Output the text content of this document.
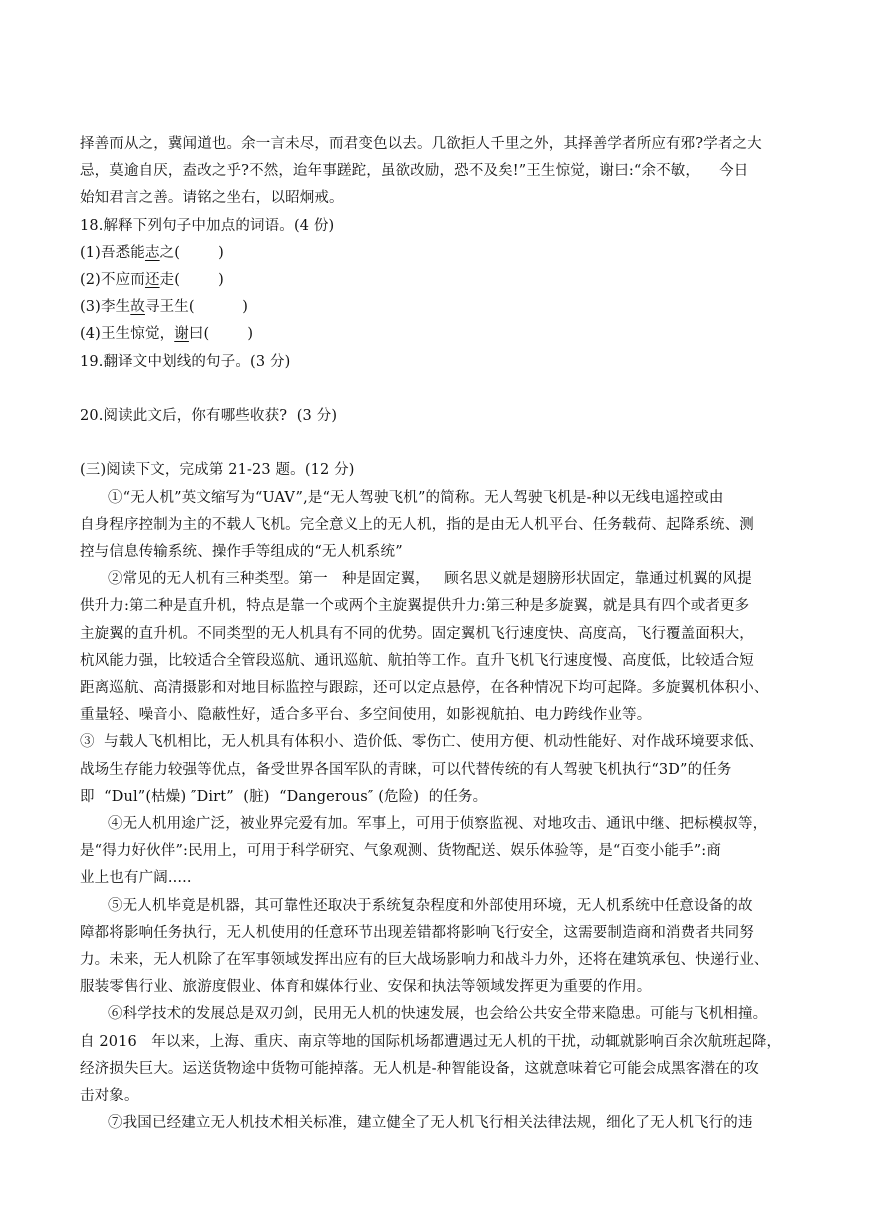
择善而从之，冀闻道也。余一言未尽，而君变色以去。几欲拒人千里之外，其择善学者所应有邪?学者之大
忌，莫逾自厌，盍改之乎?不然，迨年事蹉跎，虽欲改励，恐不及矣!”王生惊觉，谢曰:“余不敏，    今日
始知君言之善。请铭之坐右，以昭炯戒。
18.解释下列句子中加点的词语。(4 份)
(1)吾悉能志之(        )
(2)不应而还走(        )
(3)李生故寻王生(          )
(4)王生惊觉，谢曰(        )
19.翻译文中划线的句子。(3 分)
20.阅读此文后，你有哪些收获?  (3 分)
(三)阅读下文，完成第 21-23 题。(12 分)
①“无人机”英文缩写为“UAV”,是“无人驾驶飞机”的简称。无人驾驶飞机是-种以无线电遥控或由
自身程序控制为主的不载人飞机。完全意义上的无人机，指的是由无人机平台、任务载荷、起降系统、测
控与信息传输系统、操作手等组成的“无人机系统”
②常见的无人机有三种类型。第一   种是固定翼，   顾名思义就是翅膀形状固定，靠通过机翼的风提
供升力:第二种是直升机，特点是靠一个或两个主旋翼提供升力:第三种是多旋翼，就是具有四个或者更多
主旋翼的直升机。不同类型的无人机具有不同的优势。固定翼机飞行速度快、高度高，飞行覆盖面积大，
杭风能力强，比较适合全管段巡航、通讯巡航、航拍等工作。直升飞机飞行速度慢、高度低，比较适合短
距离巡航、高清摄影和对地目标监控与跟踪，还可以定点悬停，在各种情况下均可起降。多旋翼机体积小、
重量轻、噪音小、隐蔽性好，适合多平台、多空间使用，如影视航拍、电力跨线作业等。
③  与载人飞机相比，无人机具有体积小、造价低、零伤亡、使用方便、机动性能好、对作战环境要求低、
战场生存能力较强等优点，备受世界各国军队的青睐，可以代替传统的有人驾驶飞机执行“3D”的任务
即  “Dul”(枯燥) ″Dirt”  (脏)  “Dangerous″ (危险)  的任务。
④无人机用途广泛，被业界完爱有加。军事上，可用于侦察监视、对地攻击、通讯中继、把标模叔等，
是“得力好伙伴”:民用上，可用于科学研究、气象观测、货物配送、娱乐体验等，是“百变小能手”:商
业上也有广阔.....
⑤无人机毕竟是机器，其可靠性还取决于系统复杂程度和外部使用环境，无人机系统中任意设备的故
障都将影响任务执行，无人机使用的任意环节出现差错都将影响飞行安全，这需要制造商和消费者共同努
力。未来，无人机除了在军事领域发挥出应有的巨大战场影响力和战斗力外，还将在建筑承包、快递行业、
服装零售行业、旅游度假业、体育和媒体行业、安保和执法等领域发挥更为重要的作用。
⑥科学技术的发展总是双刃剑，民用无人机的快速发展，也会给公共安全带来隐患。可能与飞机相撞。
自 2016   年以来，上海、重庆、南京等地的国际机场都遭遇过无人机的干扰，动辄就影响百余次航班起降，
经济损失巨大。运送货物途中货物可能掉落。无人机是-种智能设备，这就意味着它可能会成黑客潜在的攻
击对象。
⑦我国已经建立无人机技术相关标准，建立健全了无人机飞行相关法律法规，细化了无人机飞行的违
